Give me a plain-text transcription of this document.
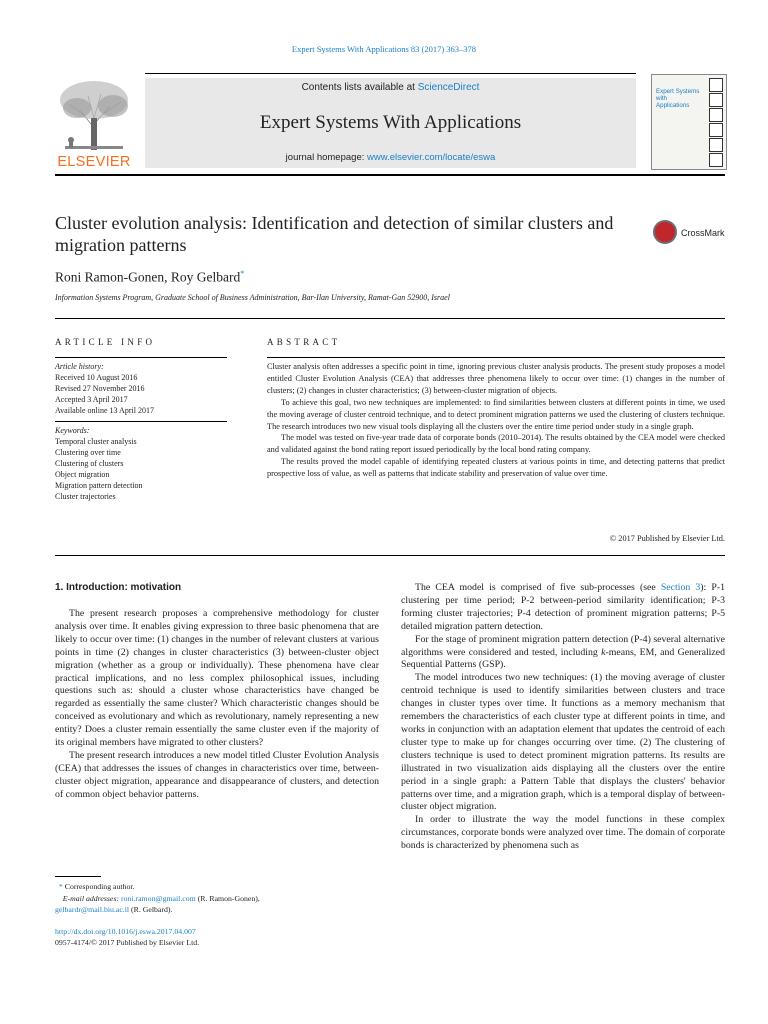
Expert Systems With Applications 83 (2017) 363–378
ELSEVIER
Contents lists available at ScienceDirect
Expert Systems With Applications
journal homepage: www.elsevier.com/locate/eswa
Expert Systems with Applications
Cluster evolution analysis: Identification and detection of similar clusters and migration patterns
CrossMark
Roni Ramon-Gonen, Roy Gelbard*
Information Systems Program, Graduate School of Business Administration, Bar-Ilan University, Ramat-Gan 52900, Israel
ARTICLE INFO
Article history:
Received 10 August 2016
Revised 27 November 2016
Accepted 3 April 2017
Available online 13 April 2017
Keywords:
Temporal cluster analysis
Clustering over time
Clustering of clusters
Object migration
Migration pattern detection
Cluster trajectories
ABSTRACT

Cluster analysis often addresses a specific point in time, ignoring previous cluster analysis products. The present study proposes a model entitled Cluster Evolution Analysis (CEA) that addresses three phenomena likely to occur over time: (1) changes in the number of clusters; (2) changes in cluster characteristics; (3) between-cluster migration of objects.

To achieve this goal, two new techniques are implemented: to find similarities between clusters at different points in time, we used the moving average of cluster centroid technique, and to detect prominent migration patterns we used the clustering of clusters technique. The research introduces two new visual tools displaying all the clusters over the entire time period under study in a single graph.

The model was tested on five-year trade data of corporate bonds (2010–2014). The results obtained by the CEA model were checked and validated against the bond rating report issued periodically by the local bond rating company.

The results proved the model capable of identifying repeated clusters at various points in time, and detecting patterns that predict prospective loss of value, as well as patterns that indicate stability and preservation of value over time.

© 2017 Published by Elsevier Ltd.
1. Introduction: motivation

The present research proposes a comprehensive methodology for cluster analysis over time. It enables giving expression to three basic phenomena that are likely to occur over time: (1) changes in the number of relevant clusters at various points in time (2) changes in cluster characteristics (3) between-cluster object migration (whether as a group or individually). These phenomena have clear practical implications, and no less complex philosophical issues, including questions such as: should a cluster whose characteristics have changed be regarded as essentially the same cluster? Which characteristic changes should be conceived as evolutionary and which as revolutionary, namely representing a new entity? Does a cluster remain essentially the same cluster even if the majority of its original members have migrated to other clusters?

The present research introduces a new model titled Cluster Evolution Analysis (CEA) that addresses the issues of changes in characteristics over time, between-cluster object migration, appearance and disappearance of clusters, and detection of common object behavior patterns.

The CEA model is comprised of five sub-processes (see Section 3): P-1 clustering per time period; P-2 between-period similarity identification; P-3 forming cluster trajectories; P-4 detection of prominent migration patterns; P-5 detailed migration pattern detection.

For the stage of prominent migration pattern detection (P-4) several alternative algorithms were considered and tested, including k-means, EM, and Generalized Sequential Patterns (GSP).

The model introduces two new techniques: (1) the moving average of cluster centroid technique is used to identify similarities between clusters and trace changes in cluster types over time. It functions as a memory mechanism that remembers the characteristics of each cluster type at different points in time, and works in conjunction with an adaptation element that updates the centroid of each cluster type to make up for changes occurring over time. (2) The clustering of clusters technique is used to detect prominent migration patterns. Its results are illustrated in two visualization aids displaying all the clusters over the entire period in a single graph: a Pattern Table that displays the clusters' behavior patterns over time, and a migration graph, which is a temporal display of between-cluster object migration.

In order to illustrate the way the model functions in these complex circumstances, corporate bonds were analyzed over time. The domain of corporate bonds is characterized by phenomena such as

* Corresponding author.
E-mail addresses: roni.ramon@gmail.com (R. Ramon-Gonen),
gelbardr@mail.biu.ac.il (R. Gelbard).
http://dx.doi.org/10.1016/j.eswa.2017.04.007
0957-4174/© 2017 Published by Elsevier Ltd.
